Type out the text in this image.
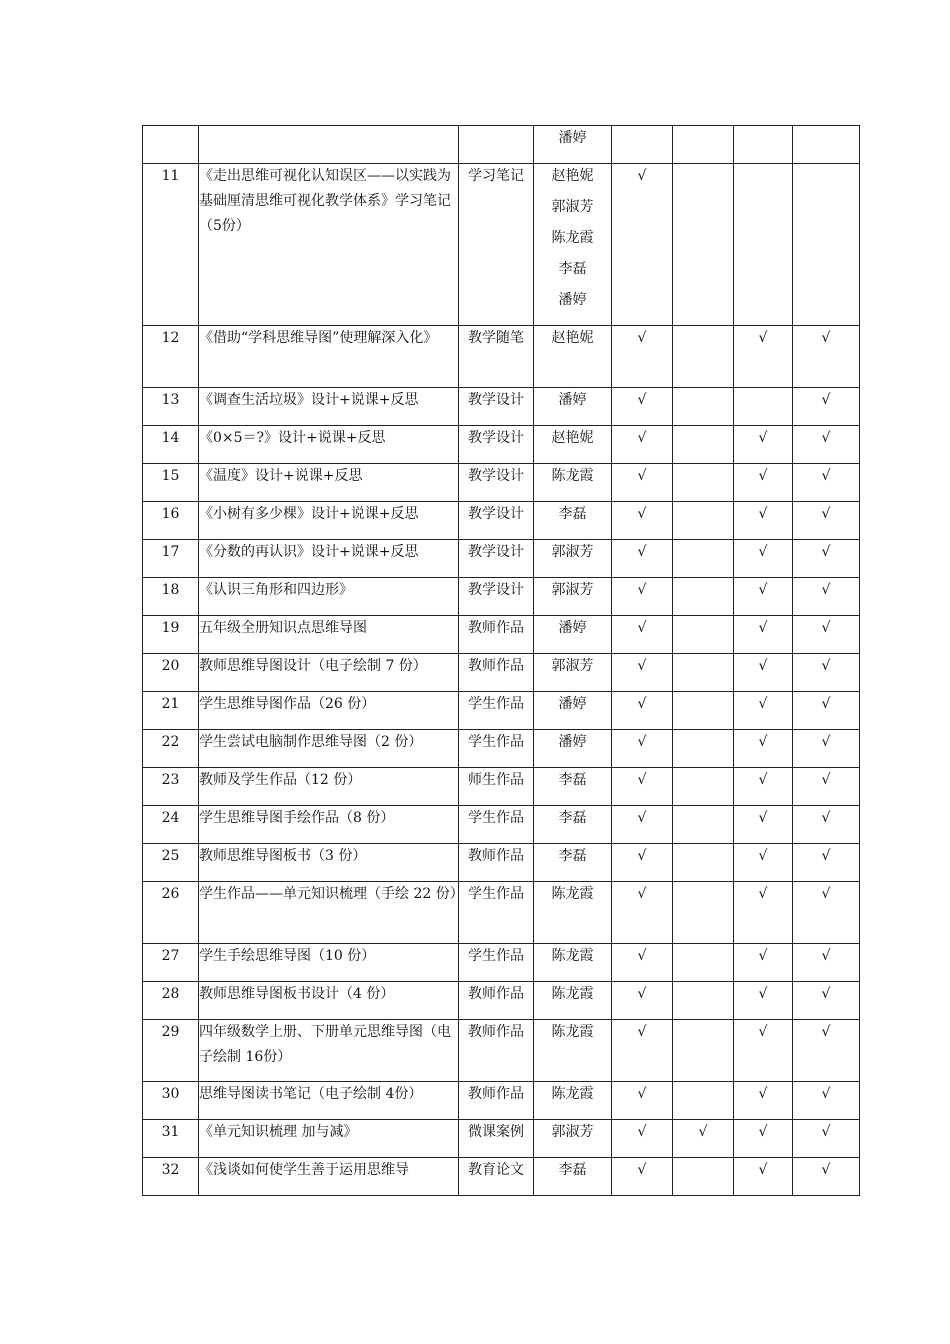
			潘婷				

11	《走出思维可视化认知误区——以实践为基础厘清思维可视化教学体系》学习笔记（5份）	学习笔记	赵艳妮
郭淑芳
陈龙霞
李磊
潘婷	√			
12	《借助“学科思维导图”使理解深入化》	教学随笔	赵艳妮	√		√	√
13	《调查生活垃圾》设计+说课+反思	教学设计	潘婷	√			√
14	《0×5＝?》设计+说课+反思	教学设计	赵艳妮	√		√	√
15	《温度》设计+说课+反思	教学设计	陈龙霞	√		√	√
16	《小树有多少棵》设计+说课+反思	教学设计	李磊	√		√	√
17	《分数的再认识》设计+说课+反思	教学设计	郭淑芳	√		√	√
18	《认识三角形和四边形》	教学设计	郭淑芳	√		√	√
19	五年级全册知识点思维导图	教师作品	潘婷	√		√	√
20	教师思维导图设计（电子绘制 7 份）	教师作品	郭淑芳	√		√	√
21	学生思维导图作品（26 份）	学生作品	潘婷	√		√	√
22	学生尝试电脑制作思维导图（2 份）	学生作品	潘婷	√		√	√
23	教师及学生作品（12 份）	师生作品	李磊	√		√	√
24	学生思维导图手绘作品（8 份）	学生作品	李磊	√		√	√
25	教师思维导图板书（3 份）	教师作品	李磊	√		√	√
26	学生作品——单元知识梳理（手绘 22 份）	学生作品	陈龙霞	√		√	√
27	学生手绘思维导图（10 份）	学生作品	陈龙霞	√		√	√
28	教师思维导图板书设计（4 份）	教师作品	陈龙霞	√		√	√
29	四年级数学上册、下册单元思维导图（电子绘制 16份）	教师作品	陈龙霞	√		√	√
30	思维导图读书笔记（电子绘制 4份）	教师作品	陈龙霞	√		√	√
31	《单元知识梳理 加与减》	微课案例	郭淑芳	√	√	√	√
32	《浅谈如何使学生善于运用思维导	教育论文	李磊	√		√	√
